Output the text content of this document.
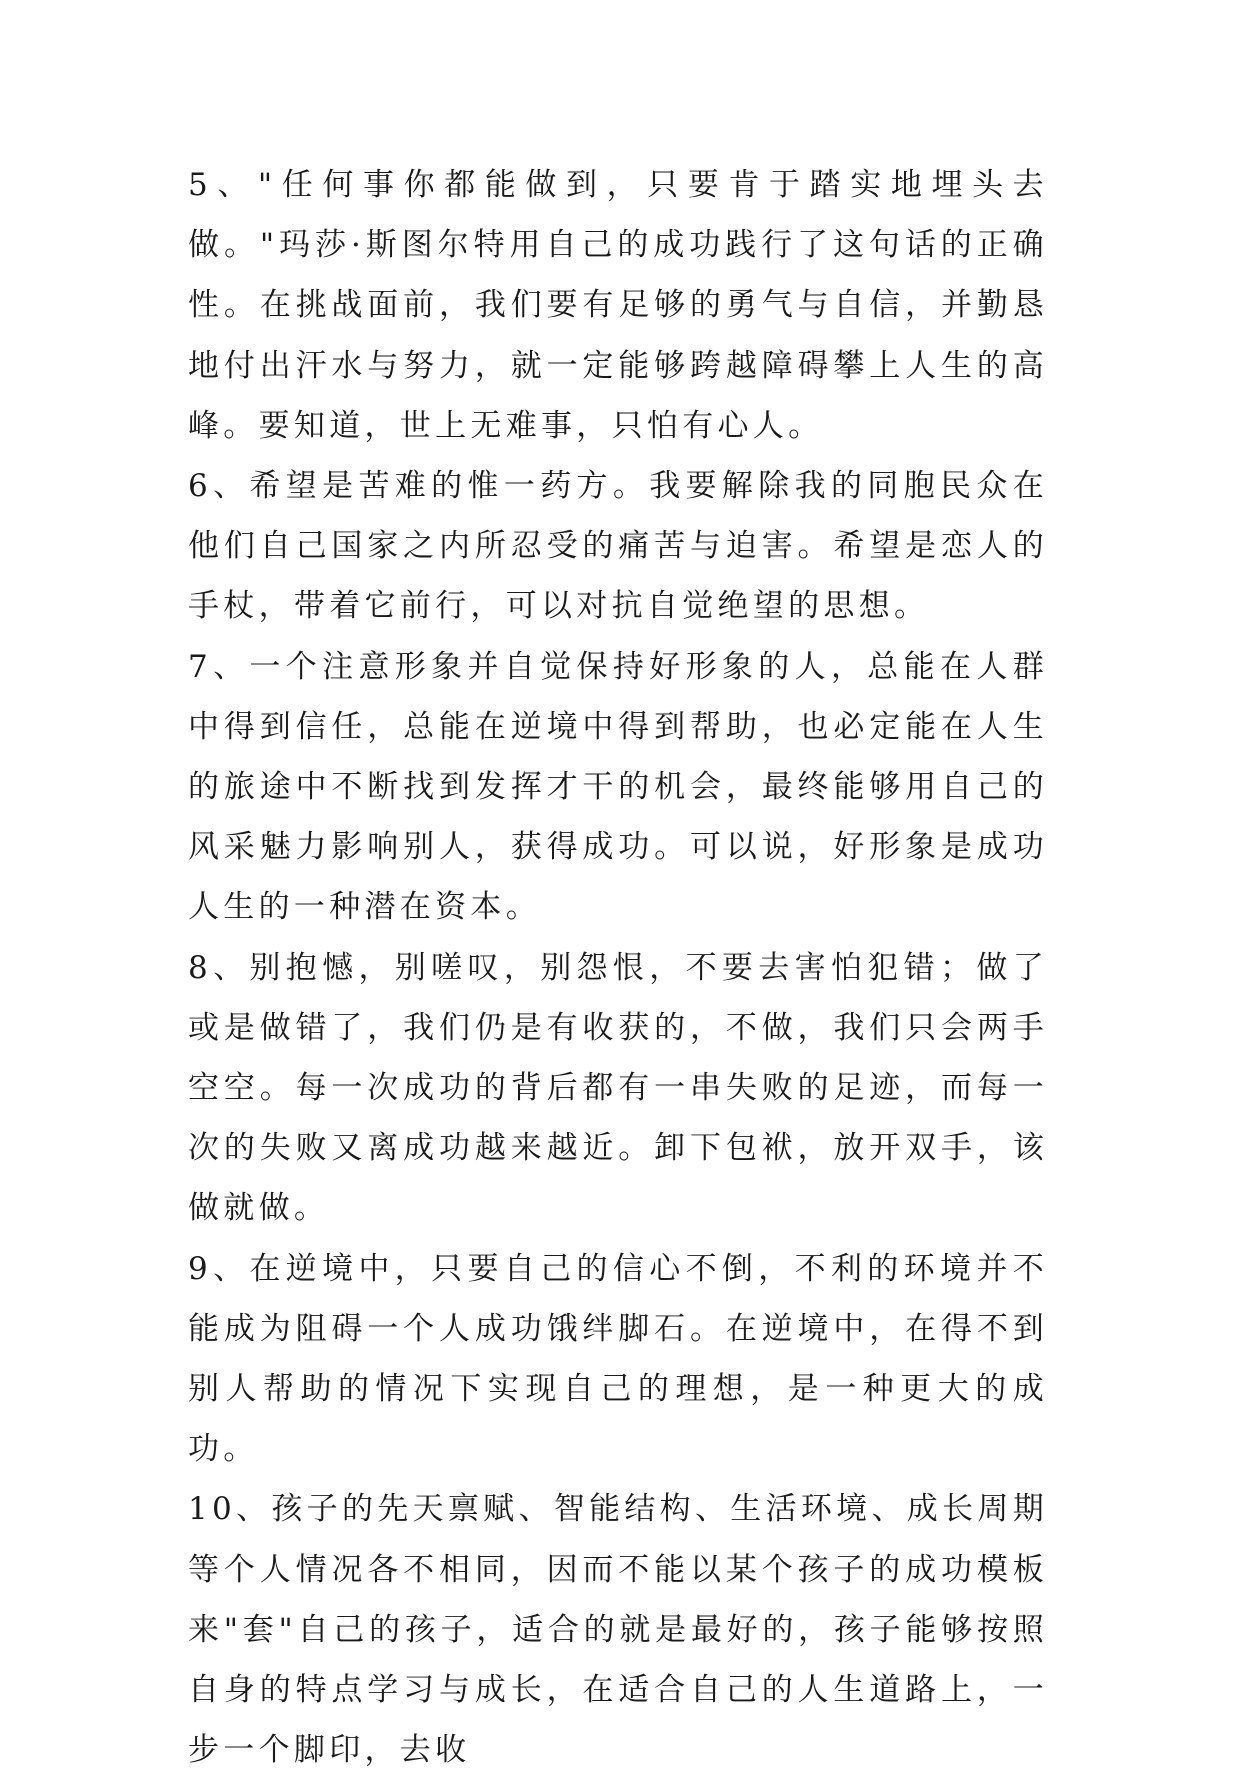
5、"任何事你都能做到，只要肯于踏实地埋头去做。"玛莎·斯图尔特用自己的成功践行了这句话的正确性。在挑战面前，我们要有足够的勇气与自信，并勤恳地付出汗水与努力，就一定能够跨越障碍攀上人生的高峰。要知道，世上无难事，只怕有心人。

6、希望是苦难的惟一药方。我要解除我的同胞民众在他们自己国家之内所忍受的痛苦与迫害。希望是恋人的手杖，带着它前行，可以对抗自觉绝望的思想。

7、一个注意形象并自觉保持好形象的人，总能在人群中得到信任，总能在逆境中得到帮助，也必定能在人生的旅途中不断找到发挥才干的机会，最终能够用自己的风采魅力影响别人，获得成功。可以说，好形象是成功人生的一种潜在资本。

8、别抱憾，别嗟叹，别怨恨，不要去害怕犯错；做了或是做错了，我们仍是有收获的，不做，我们只会两手空空。每一次成功的背后都有一串失败的足迹，而每一次的失败又离成功越来越近。卸下包袱，放开双手，该做就做。

9、在逆境中，只要自己的信心不倒，不利的环境并不能成为阻碍一个人成功饿绊脚石。在逆境中，在得不到别人帮助的情况下实现自己的理想，是一种更大的成功。

10、孩子的先天禀赋、智能结构、生活环境、成长周期等个人情况各不相同，因而不能以某个孩子的成功模板来"套"自己的孩子，适合的就是最好的，孩子能够按照自身的特点学习与成长，在适合自己的人生道路上，一步一个脚印，去收
